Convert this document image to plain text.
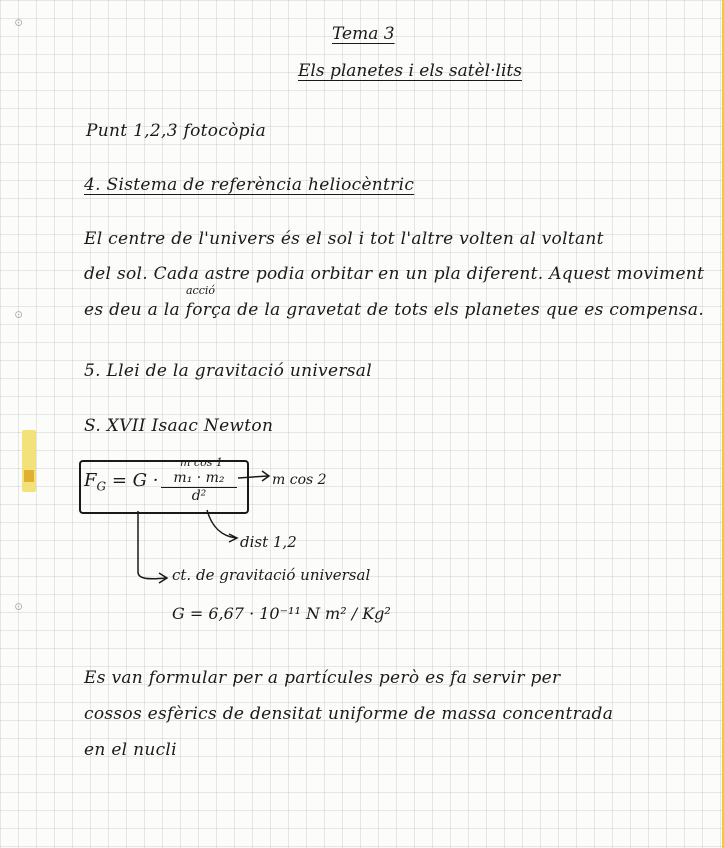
⊙
⊙
⊙
Tema 3
Els planetes i els satèl·lits
Punt 1,2,3 fotocòpia
4. Sistema de referència heliocèntric
El centre de l'univers és el sol i tot l'altre volten al voltant
del sol. Cada astre podia orbitar en un pla diferent. Aquest moviment
acció
es deu a la força de la gravetat de tots els planetes que es compensa.
5. Llei de la gravitació universal
S. XVII Isaac Newton
$F_G = G$ ·
m cos 1
$\frac{\text{m₁ · m₂}}{\text{d²}}$	m cos 2
dist 1,2
ct. de gravitació universal
G = 6,67 · 10⁻¹¹ N m² / Kg²
Es van formular per a partícules però es fa servir per
cossos esfèrics de densitat uniforme de massa concentrada
en el nucli
